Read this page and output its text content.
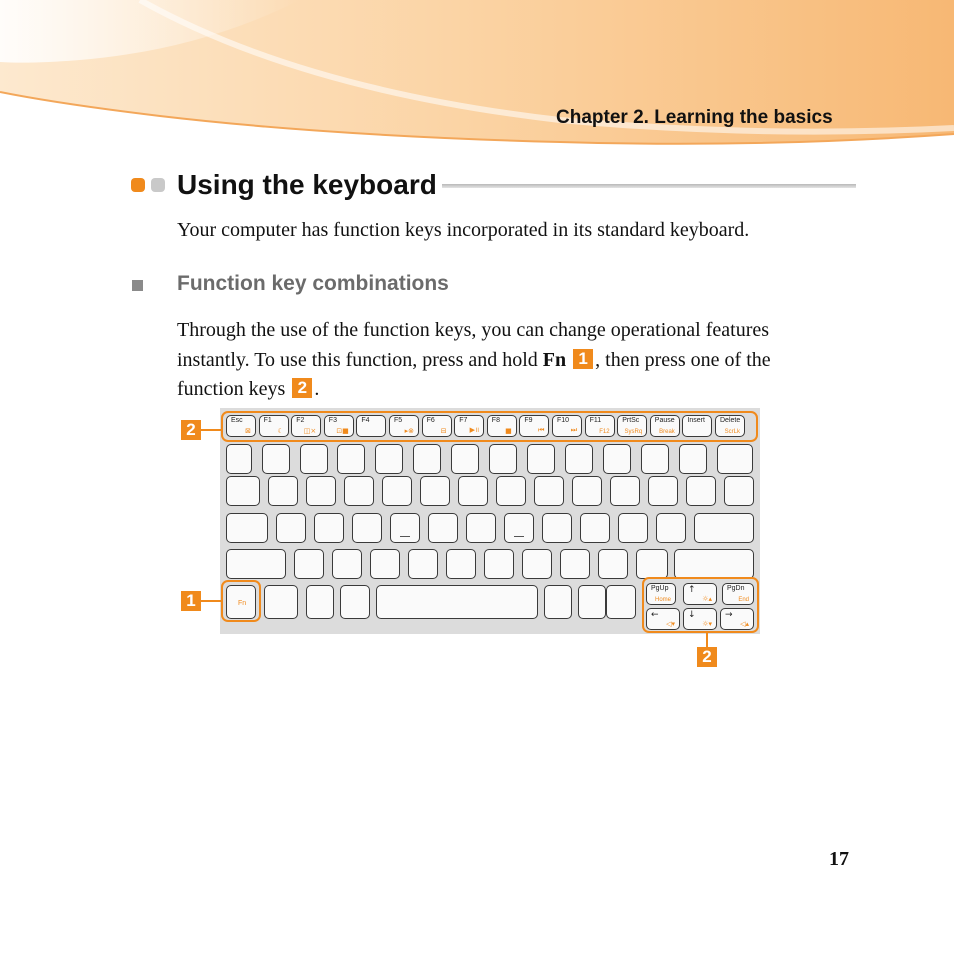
Chapter 2. Learning the basics
Using the keyboard
Your computer has function keys incorporated in its standard keyboard.
Function key combinations
Through the use of the function keys, you can change operational features
instantly. To use this function, press and hold Fn 1 , then press one of the
function keys 2 .
Esc
⊠
F1
☾
F2
◫×
F3
⊡■
F4	F5
▸⊗
F6
⊟
F7
▶॥
F8
■
F9
⏮
F10
⏭
F11
F12
PrtSc
SysRq
Pause
Break
Insert Delete
ScrLk
Fn
PgUp
Home
↑
☼▴
PgDn
End
←
◁▾
↓
☼▾
→
◁▴
2
1
2
17
